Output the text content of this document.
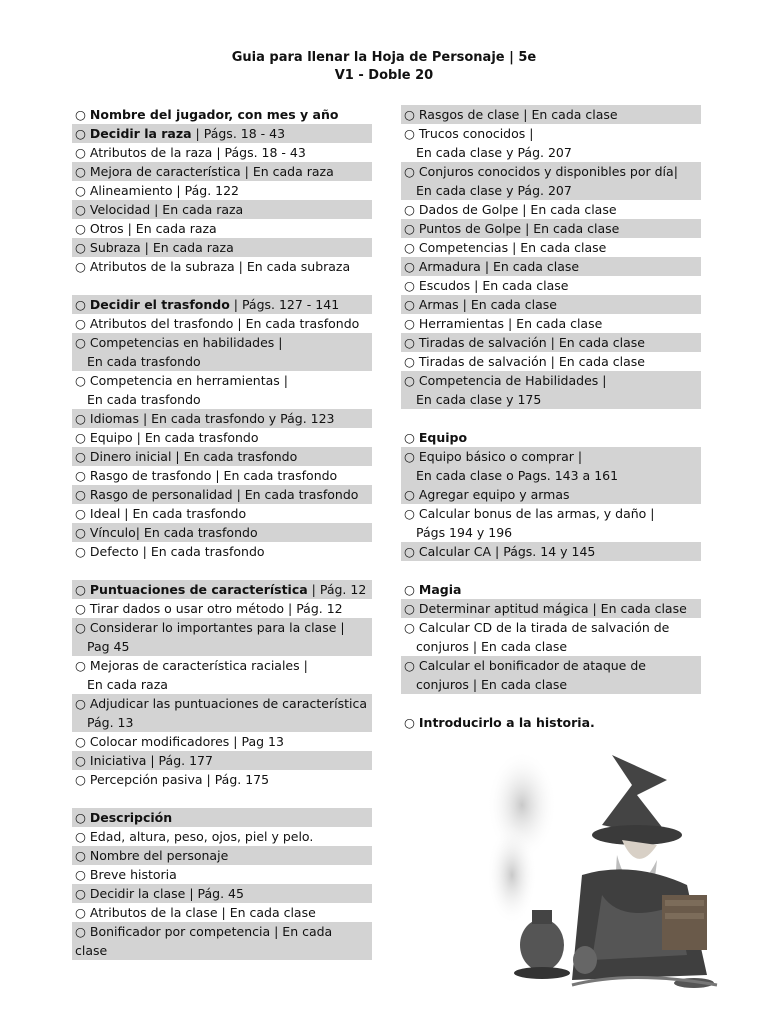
Guia para llenar la Hoja de Personaje | 5e
V1 - Doble 20
○ Nombre del jugador, con mes y año
○ Decidir la raza | Págs. 18 - 43
○ Atributos de la raza | Págs. 18 - 43
○ Mejora de característica | En cada raza
○ Alineamiento | Pág. 122
○ Velocidad | En cada raza
○ Otros | En cada raza
○ Subraza | En cada raza
○ Atributos de la subraza | En cada subraza
○ Decidir el trasfondo | Págs. 127 - 141
○ Atributos del trasfondo | En cada trasfondo
○ Competencias en habilidades |
En cada trasfondo
○ Competencia en herramientas |
En cada trasfondo
○ Idiomas | En cada trasfondo y Pág. 123
○ Equipo | En cada trasfondo
○ Dinero inicial | En cada trasfondo
○ Rasgo de trasfondo | En cada trasfondo
○ Rasgo de personalidad | En cada trasfondo
○ Ideal | En cada trasfondo
○ Vínculo| En cada trasfondo
○ Defecto | En cada trasfondo
○ Puntuaciones de característica | Pág. 12
○ Tirar dados o usar otro método | Pág. 12
○ Considerar lo importantes para la clase |
Pag 45
○ Mejoras de característica raciales |
En cada raza
○ Adjudicar las puntuaciones de característica
Pág. 13
○ Colocar modificadores | Pag 13
○ Iniciativa | Pág. 177
○ Percepción pasiva | Pág. 175
○ Descripción
○ Edad, altura, peso, ojos, piel y pelo.
○ Nombre del personaje
○ Breve historia
○ Decidir la clase | Pág. 45
○ Atributos de la clase | En cada clase
○ Bonificador por competencia | En cada
clase
○ Rasgos de clase | En cada clase
○ Trucos conocidos |
En cada clase y Pág. 207
○ Conjuros conocidos y disponibles por día|
En cada clase y Pág. 207
○ Dados de Golpe | En cada clase
○ Puntos de Golpe | En cada clase
○ Competencias | En cada clase
○ Armadura | En cada clase
○ Escudos | En cada clase
○ Armas | En cada clase
○ Herramientas | En cada clase
○ Tiradas de salvación | En cada clase
○ Tiradas de salvación | En cada clase
○ Competencia de Habilidades |
En cada clase y 175
○ Equipo
○ Equipo básico o comprar |
En cada clase o Pags. 143 a 161
○ Agregar equipo y armas
○ Calcular bonus de las armas, y daño |
Págs 194 y 196
○ Calcular CA | Págs. 14 y 145
○ Magia
○ Determinar aptitud mágica | En cada clase
○ Calcular CD de la tirada de salvación de
conjuros | En cada clase
○ Calcular el bonificador de ataque de
conjuros | En cada clase
○ Introducirlo a la historia.
